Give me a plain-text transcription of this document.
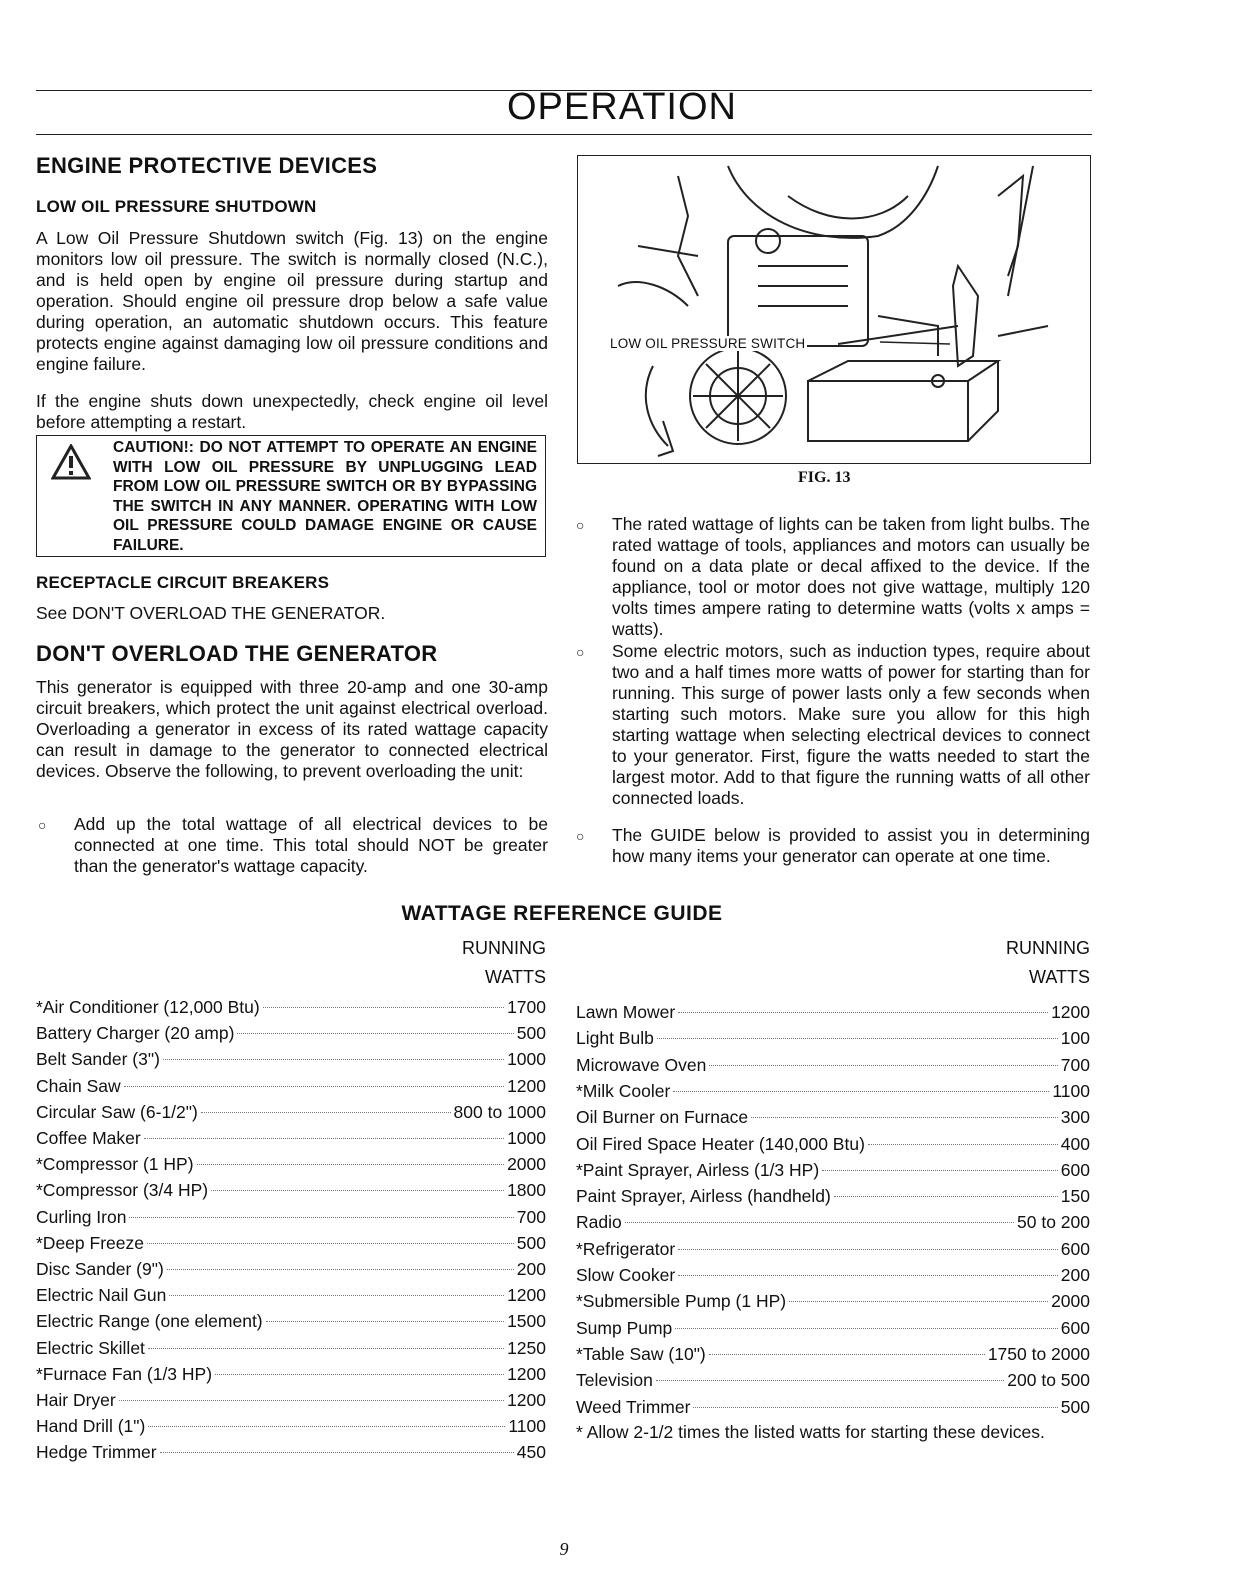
OPERATION
ENGINE PROTECTIVE DEVICES
LOW OIL PRESSURE SHUTDOWN
A Low Oil Pressure Shutdown switch (Fig. 13) on the engine monitors low oil pressure. The switch is normally closed (N.C.), and is held open by engine oil pressure during startup and operation. Should engine oil pressure drop below a safe value during operation, an automatic shutdown occurs. This feature protects engine against damaging low oil pressure conditions and engine failure.
If the engine shuts down unexpectedly, check engine oil level before attempting a restart.
CAUTION!: DO NOT ATTEMPT TO OPERATE AN ENGINE WITH LOW OIL PRESSURE BY UNPLUGGING LEAD FROM LOW OIL PRESSURE SWITCH OR BY BYPASSING THE SWITCH IN ANY MANNER. OPERATING WITH LOW OIL PRESSURE COULD DAMAGE ENGINE OR CAUSE FAILURE.
RECEPTACLE CIRCUIT BREAKERS
See DON'T OVERLOAD THE GENERATOR.
DON'T OVERLOAD THE GENERATOR
This generator is equipped with three 20-amp and one 30-amp circuit breakers, which protect the unit against electrical overload. Overloading a generator in excess of its rated wattage capacity can result in damage to the generator to connected electrical devices. Observe the following, to prevent overloading the unit:
○ Add up the total wattage of all electrical devices to be connected at one time. This total should NOT be greater than the generator's wattage capacity.
LOW OIL PRESSURE SWITCH
FIG. 13
○ The rated wattage of lights can be taken from light bulbs. The rated wattage of tools, appliances and motors can usually be found on a data plate or decal affixed to the device. If the appliance, tool or motor does not give wattage, multiply 120 volts times ampere rating to determine watts (volts x amps = watts).
○ Some electric motors, such as induction types, require about two and a half times more watts of power for starting than for running. This surge of power lasts only a few seconds when starting such motors. Make sure you allow for this high starting wattage when selecting electrical devices to connect to your generator. First, figure the watts needed to start the largest motor. Add to that figure the running watts of all other connected loads.
○ The GUIDE below is provided to assist you in determining how many items your generator can operate at one time.
WATTAGE REFERENCE GUIDE
RUNNING
WATTS
RUNNING
WATTS
*Air Conditioner (12,000 Btu)	1700
Battery Charger (20 amp)	500
Belt Sander (3")	1000
Chain Saw	1200
Circular Saw (6-1/2")	800 to 1000
Coffee Maker	1000
*Compressor (1 HP)	2000
*Compressor (3/4 HP)	1800
Curling Iron	700
*Deep Freeze	500
Disc Sander (9")	200
Electric Nail Gun	1200
Electric Range (one element)	1500
Electric Skillet	1250
*Furnace Fan (1/3 HP)	1200
Hair Dryer	1200
Hand Drill (1")	1100
Hedge Trimmer	450
Lawn Mower	1200
Light Bulb	100
Microwave Oven	700
*Milk Cooler	1100
Oil Burner on Furnace	300
Oil Fired Space Heater (140,000 Btu)	400
*Paint Sprayer, Airless (1/3 HP)	600
Paint Sprayer, Airless (handheld)	150
Radio	50 to 200
*Refrigerator	600
Slow Cooker	200
*Submersible Pump (1 HP)	2000
Sump Pump	600
*Table Saw (10")	1750 to 2000
Television	200 to 500
Weed Trimmer	500
* Allow 2-1/2 times the listed watts for starting these devices.
9
